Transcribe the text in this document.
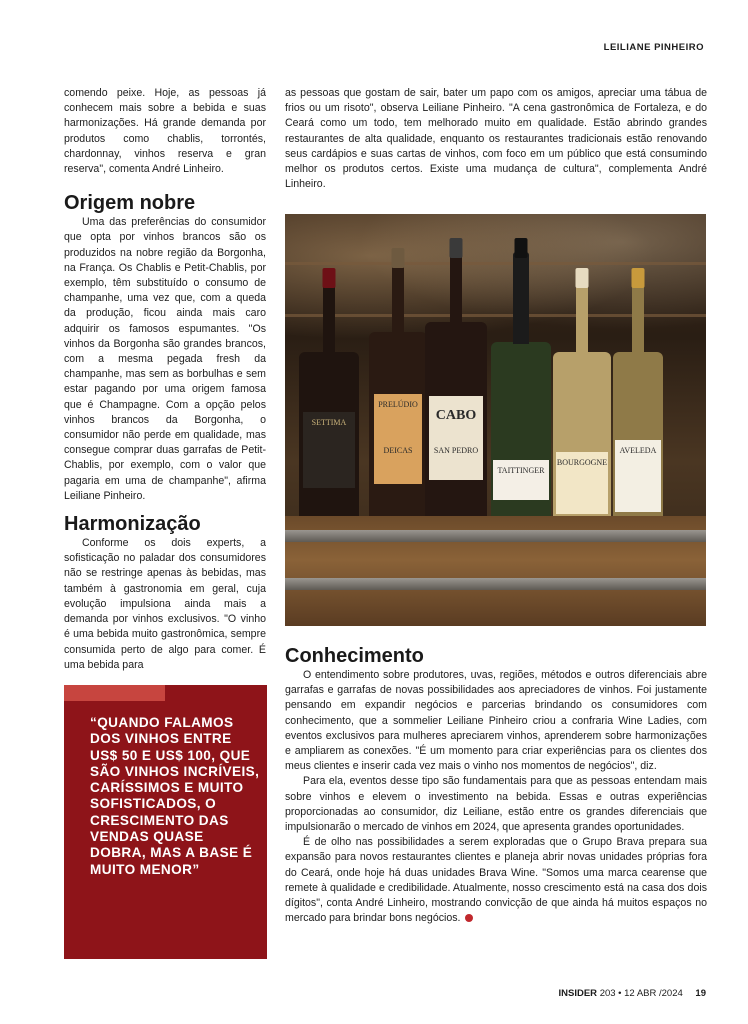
LEILIANE PINHEIRO

comendo peixe. Hoje, as pessoas já conhecem mais sobre a bebida e suas harmonizações. Há grande demanda por produtos como chablis, torrontés, chardonnay, vinhos reserva e gran reserva", comenta André Linheiro.

Origem nobre

Uma das preferências do consumidor que opta por vinhos brancos são os produzidos na nobre região da Borgonha, na França. Os Chablis e Petit-Chablis, por exemplo, têm substituído o consumo de champanhe, uma vez que, com a queda da produção, ficou ainda mais caro adquirir os famosos espumantes. "Os vinhos da Borgonha são grandes brancos, com a mesma pegada fresh da champanhe, mas sem as borbulhas e sem estar pagando por uma origem famosa que é Champagne. Com a opção pelos vinhos brancos da Borgonha, o consumidor não perde em qualidade, mas consegue comprar duas garrafas de Petit-Chablis, por exemplo, com o valor que pagaria em uma de champanhe", afirma Leiliane Pinheiro.

Harmonização

Conforme os dois experts, a sofisticação no paladar dos consumidores não se restringe apenas às bebidas, mas também à gastronomia em geral, cuja evolução impulsiona ainda mais a demanda por vinhos exclusivos. "O vinho é uma bebida muito gastronômica, sempre consumida perto de algo para comer. É uma bebida para

as pessoas que gostam de sair, bater um papo com os amigos, apreciar uma tábua de frios ou um risoto", observa Leiliane Pinheiro. "A cena gastronômica de Fortaleza, e do Ceará como um todo, tem melhorado muito em qualidade. Estão abrindo grandes restaurantes de alta qualidade, enquanto os restaurantes tradicionais estão renovando seus cardápios e suas cartas de vinhos, com foco em um público que está consumindo melhor os produtos certos. Existe uma mudança de cultura", complementa André Linheiro.

SETTIMA
PRELÚDIO
DEICAS
CABO
SAN PEDRO
TAITTINGER
BOURGOGNE
AVELEDA

“QUANDO FALAMOS DOS VINHOS ENTRE US$ 50 E US$ 100, QUE SÃO VINHOS INCRÍVEIS, CARÍSSIMOS E MUITO SOFISTICADOS, O CRESCIMENTO DAS VENDAS QUASE DOBRA, MAS A BASE É MUITO MENOR”

Conhecimento

O entendimento sobre produtores, uvas, regiões, métodos e outros diferenciais abre garrafas e garrafas de novas possibilidades aos apreciadores de vinhos. Foi justamente pensando em expandir negócios e parcerias brindando os consumidores com conhecimento, que a sommelier Leiliane Pinheiro criou a confraria Wine Ladies, com eventos exclusivos para mulheres apreciarem vinhos, aprenderem sobre harmonizações e ampliarem as conexões. "É um momento para criar experiências para os clientes dos meus clientes e inserir cada vez mais o vinho nos momentos de negócios", diz.

Para ela, eventos desse tipo são fundamentais para que as pessoas entendam mais sobre vinhos e elevem o investimento na bebida. Essas e outras experiências proporcionadas ao consumidor, diz Leiliane, estão entre os grandes diferenciais que impulsionarão o mercado de vinhos em 2024, que apresenta grandes oportunidades.

É de olho nas possibilidades a serem exploradas que o Grupo Brava prepara sua expansão para novos restaurantes clientes e planeja abrir novas unidades próprias fora do Ceará, onde hoje há duas unidades Brava Wine. "Somos uma marca cearense que remete à qualidade e credibilidade. Atualmente, nosso crescimento está na casa dos dois dígitos", conta André Linheiro, mostrando convicção de que ainda há muitos espaços no mercado para brindar bons negócios.

INSIDER 203 • 12 ABR /2024 19
